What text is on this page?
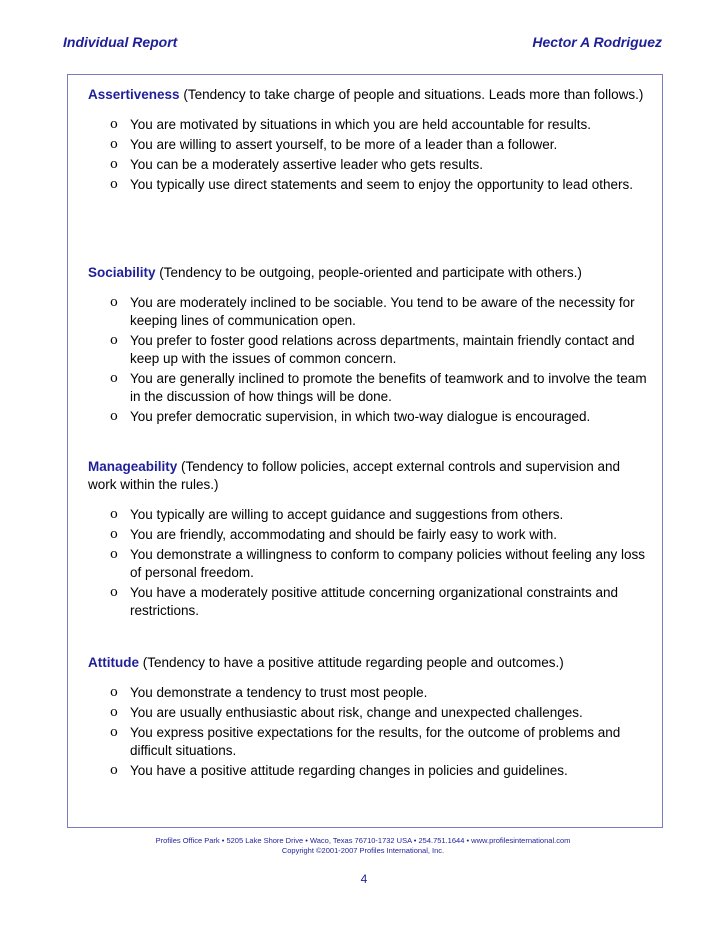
Individual Report	Hector A Rodriguez

Assertiveness (Tendency to take charge of people and situations. Leads more than follows.)

o You are motivated by situations in which you are held accountable for results.
o You are willing to assert yourself, to be more of a leader than a follower.
o You can be a moderately assertive leader who gets results.
o You typically use direct statements and seem to enjoy the opportunity to lead others.

Sociability (Tendency to be outgoing, people-oriented and participate with others.)

o You are moderately inclined to be sociable. You tend to be aware of the necessity for keeping lines of communication open.
o You prefer to foster good relations across departments, maintain friendly contact and keep up with the issues of common concern.
o You are generally inclined to promote the benefits of teamwork and to involve the team in the discussion of how things will be done.
o You prefer democratic supervision, in which two-way dialogue is encouraged.

Manageability (Tendency to follow policies, accept external controls and supervision and work within the rules.)

o You typically are willing to accept guidance and suggestions from others.
o You are friendly, accommodating and should be fairly easy to work with.
o You demonstrate a willingness to conform to company policies without feeling any loss of personal freedom.
o You have a moderately positive attitude concerning organizational constraints and restrictions.

Attitude (Tendency to have a positive attitude regarding people and outcomes.)

o You demonstrate a tendency to trust most people.
o You are usually enthusiastic about risk, change and unexpected challenges.
o You express positive expectations for the results, for the outcome of problems and difficult situations.
o You have a positive attitude regarding changes in policies and guidelines.
Profiles Office Park • 5205 Lake Shore Drive • Waco, Texas 76710-1732 USA • 254.751.1644 • www.profilesinternational.com
Copyright ©2001-2007 Profiles International, Inc.
4
